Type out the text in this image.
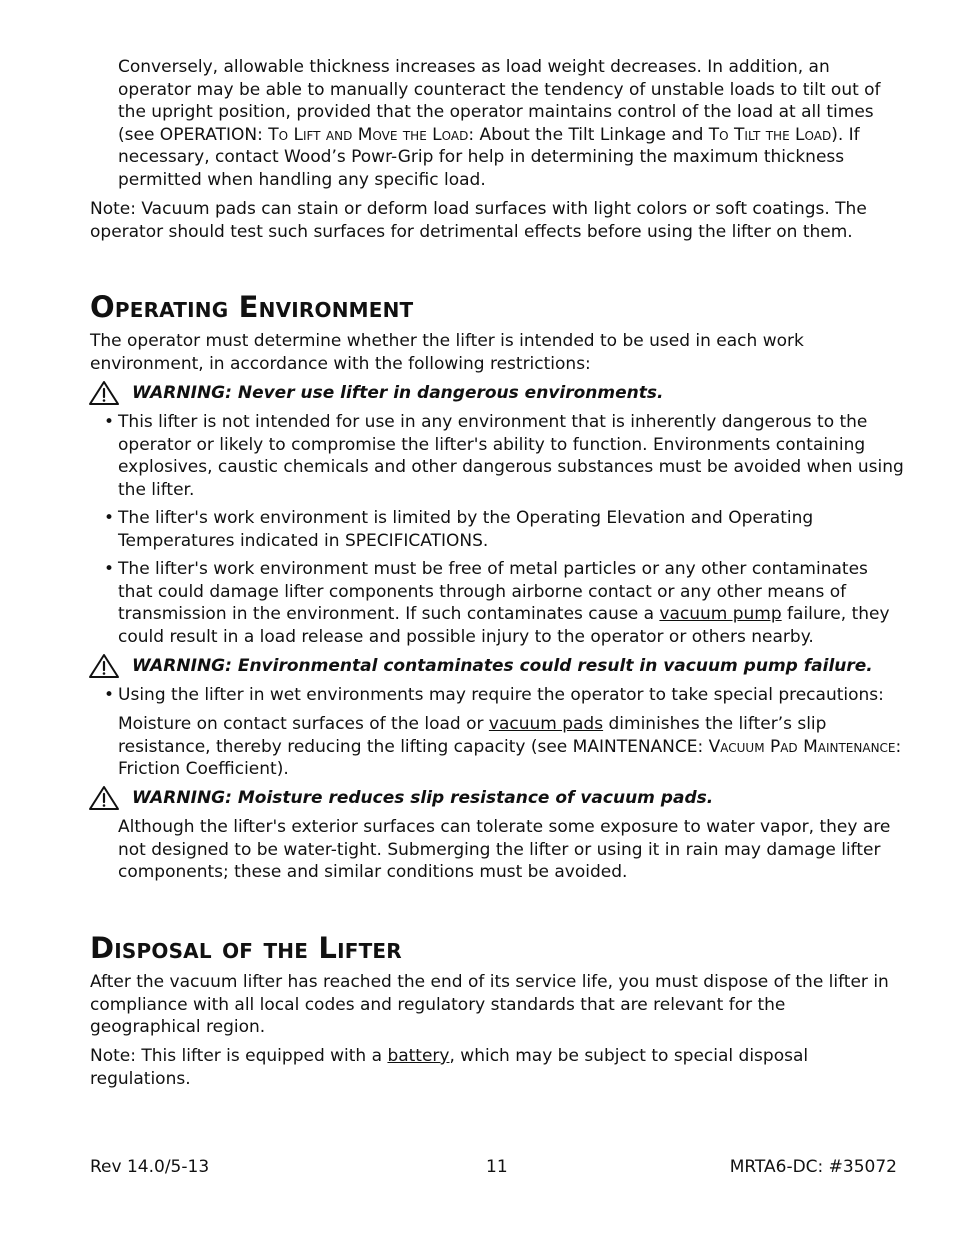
Conversely, allowable thickness increases as load weight decreases. In addition, an operator may be able to manually counteract the tendency of unstable loads to tilt out of the upright position, provided that the operator maintains control of the load at all times (see OPERATION: To Lift and Move the Load: About the Tilt Linkage and To Tilt the Load). If necessary, contact Wood’s Powr-Grip for help in determining the maximum thickness permitted when handling any specific load.

Note: Vacuum pads can stain or deform load surfaces with light colors or soft coatings. The operator should test such surfaces for detrimental effects before using the lifter on them.

Operating Environment

The operator must determine whether the lifter is intended to be used in each work environment, in accordance with the following restrictions:

WARNING: Never use lifter in dangerous environments.
• This lifter is not intended for use in any environment that is inherently dangerous to the operator or likely to compromise the lifter's ability to function. Environments containing explosives, caustic chemicals and other dangerous substances must be avoided when using the lifter.
• The lifter's work environment is limited by the Operating Elevation and Operating Temperatures indicated in SPECIFICATIONS.
• The lifter's work environment must be free of metal particles or any other contaminates that could damage lifter components through airborne contact or any other means of transmission in the environment. If such contaminates cause a vacuum pump failure, they could result in a load release and possible injury to the operator or others nearby.
WARNING: Environmental contaminates could result in vacuum pump failure.
• Using the lifter in wet environments may require the operator to take special precautions:

Moisture on contact surfaces of the load or vacuum pads diminishes the lifter’s slip resistance, thereby reducing the lifting capacity (see MAINTENANCE: Vacuum Pad Maintenance: Friction Coefficient).

WARNING: Moisture reduces slip resistance of vacuum pads.

Although the lifter's exterior surfaces can tolerate some exposure to water vapor, they are not designed to be water-tight. Submerging the lifter or using it in rain may damage lifter components; these and similar conditions must be avoided.

Disposal of the Lifter

After the vacuum lifter has reached the end of its service life, you must dispose of the lifter in compliance with all local codes and regulatory standards that are relevant for the geographical region.

Note: This lifter is equipped with a battery, which may be subject to special disposal regulations.

Rev 14.0/5-13	11	MRTA6-DC: #35072
